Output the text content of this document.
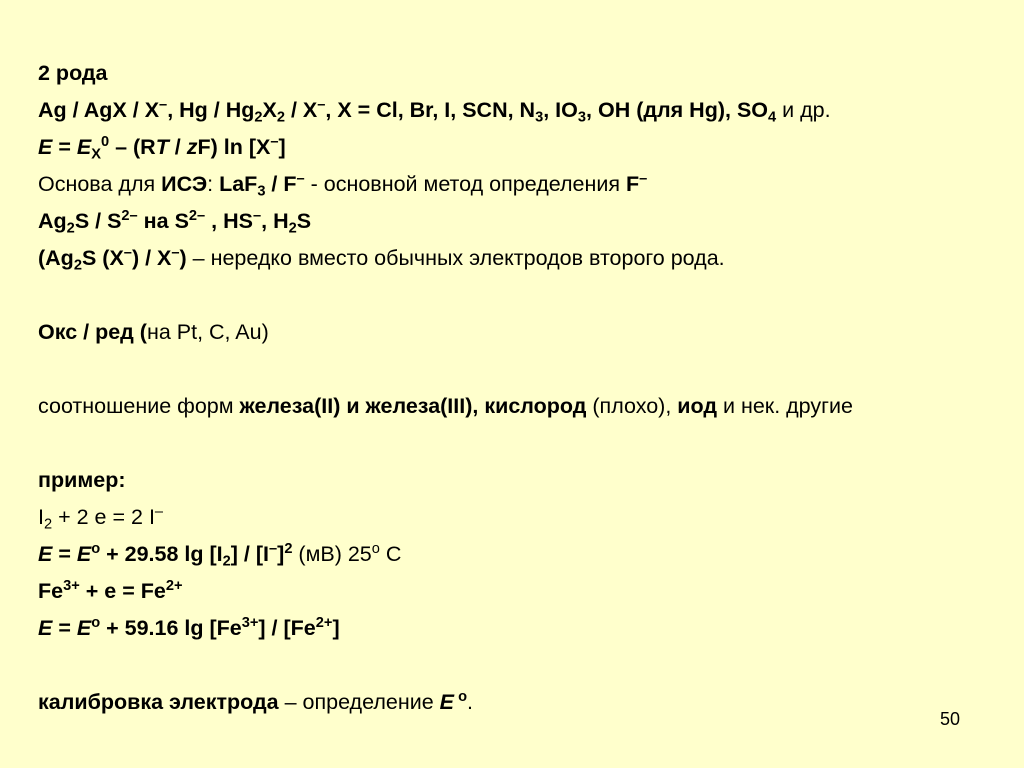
2 рода
Ag / AgX / X–, Hg / $Hg_2X_2 / X^-$, X = Cl, Br, I, SCN, $N_3$, $IO_3$, OH (для Hg), $SO_4$ и др.
$E = E_X^0 - (RT / zF)$ ln [X–]
Основа для ИСЭ: LaF$_3$ / F– - основной метод определения F–
$Ag_2S / S^{2-}$ на $S^{2-}$ , HS–, $H_2S$
($Ag_2S$ (X–) / X–) – нередко вместо обычных электродов второго рода.
Окс / ред (на Pt, C, Au)
соотношение форм железа(II) и железа(III), кислород (плохо), иод и нек. другие
пример:
$I_2 + 2$ e = 2 I–
$E = E^o + 29.58$ $\lg [I_2] / [I^-]^2$ (мВ) 25$^o$ C
$Fe^{3+} + e = Fe^{2+}$
$E = E^o + 59.16$ $\lg [Fe^{3+}] / [Fe^{2+}]$
калибровка электрода – определение E $^o$.
50
